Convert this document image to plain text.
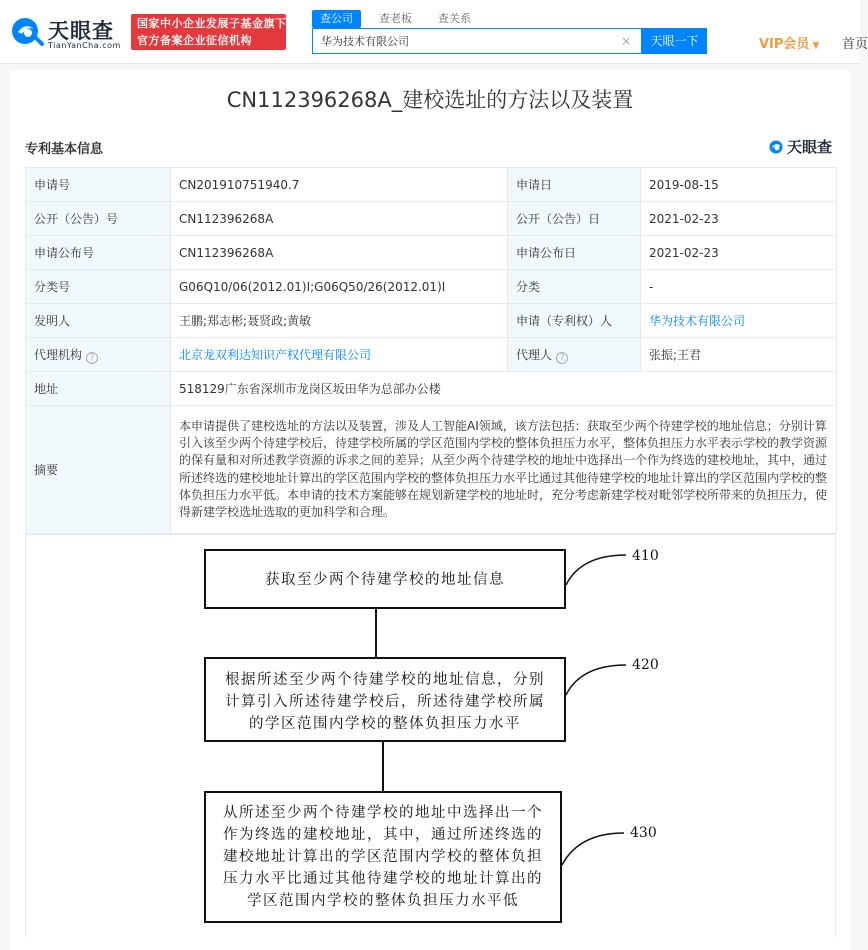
天眼查
TianYanCha.com
国家中小企业发展子基金旗下
官方备案企业征信机构
查公司	查老板	查关系
华为技术有限公司
×	天眼一下	VIP会员 ▼ 首页
CN112396268A_建校选址的方法以及装置
专利基本信息	天眼查
申请号	CN201910751940.7	申请日	2019-08-15
公开（公告）号	CN112396268A	公开（公告）日	2021-02-23
申请公布号	CN112396268A	申请公布日	2021-02-23
分类号	G06Q10/06(2012.01)I;G06Q50/26(2012.01)I	分类	-
发明人	王鹏;郑志彬;聂贤政;黄敏	申请（专利权）人	华为技术有限公司
代理机构 ?	北京龙双利达知识产权代理有限公司	代理人 ?	张振;王君
地址	518129广东省深圳市龙岗区坂田华为总部办公楼		
摘要	本申请提供了建校选址的方法以及装置，涉及人工智能AI领域，该方法包括：获取至少两个待建学校的地址信息；分别计算引入该至少两个待建学校后，待建学校所属的学区范围内学校的整体负担压力水平，整体负担压力水平表示学校的教学资源的保有量和对所述教学资源的诉求之间的差异；从至少两个待建学校的地址中选择出一个作为终选的建校地址，其中，通过所述终选的建校地址计算出的学区范围内学校的整体负担压力水平比通过其他待建学校的地址计算出的学区范围内学校的整体负担压力水平低。本申请的技术方案能够在规划新建学校的地址时，充分考虑新建学校对毗邻学校所带来的负担压力，使得新建学校选址选取的更加科学和合理。		
获取至少两个待建学校的地址信息
410
根据所述至少两个待建学校的地址信息，分别
计算引入所述待建学校后，所述待建学校所属
的学区范围内学校的整体负担压力水平
420
从所述至少两个待建学校的地址中选择出一个
作为终选的建校地址，其中，通过所述终选的
建校地址计算出的学区范围内学校的整体负担
压力水平比通过其他待建学校的地址计算出的
学区范围内学校的整体负担压力水平低
430
